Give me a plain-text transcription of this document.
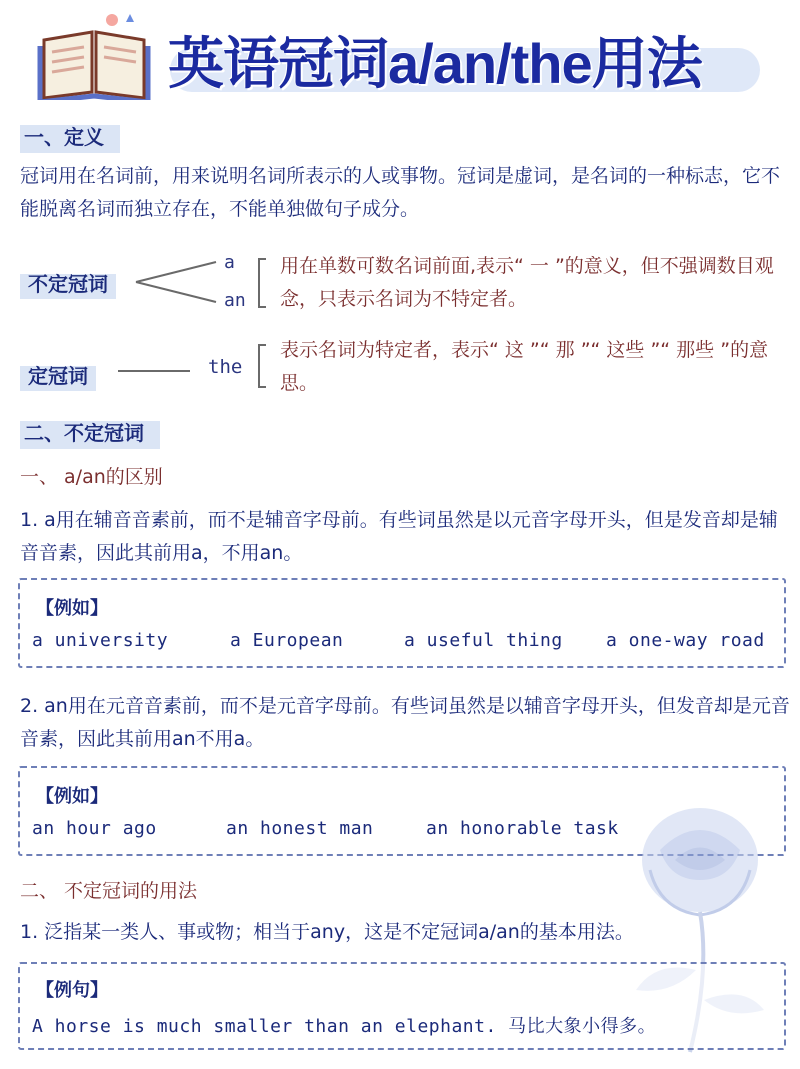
英语冠词a/an/the用法
一、定义
冠词用在名词前，用来说明名词所表示的人或事物。冠词是虚词，是名词的一种标志，它不能脱离名词而独立存在，不能单独做句子成分。
不定冠词
a
an
用在单数可数名词前面,表示“ 一 ”的意义，但不强调数目观念，只表示名词为不特定者。
定冠词	the
表示名词为特定者，表示“ 这 ”“ 那 ”“ 这些 ”“ 那些 ”的意思。
二、不定冠词
一、 a/an的区别
1. a用在辅音音素前，而不是辅音字母前。有些词虽然是以元音字母开头，但是发音却是辅音音素，因此其前用a，不用an。
【例如】
a university	a European	a useful thing a one-way road
2. an用在元音音素前，而不是元音字母前。有些词虽然是以辅音字母开头，但发音却是元音音素，因此其前用an不用a。
【例如】
an hour ago	an honest man	an honorable task
二、 不定冠词的用法
1. 泛指某一类人、事或物；相当于any，这是不定冠词a/an的基本用法。
【例句】
A horse is much smaller than an elephant. 马比大象小得多。
